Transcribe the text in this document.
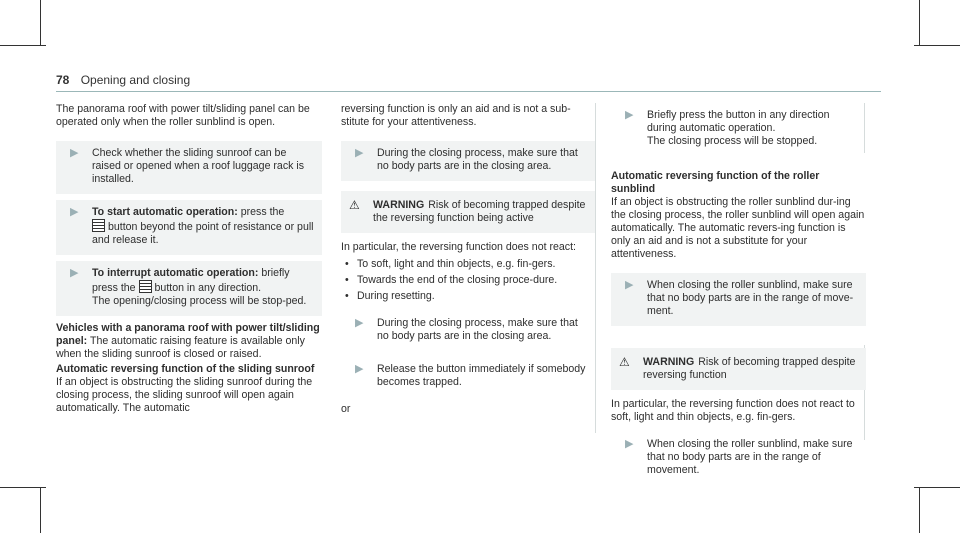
78 Opening and closing

The panorama roof with power tilt/sliding panel can be operated only when the roller sunblind is open.

▶	Check whether the sliding sunroof can be raised or opened when a roof luggage rack is installed.
▶	To start automatic operation: press the
button beyond the point of resistance or pull and release it.
▶	To interrupt automatic operation: briefly press the button in any direction.
The opening/closing process will be stop-ped.

Vehicles with a panorama roof with power tilt/sliding panel: The automatic raising feature is available only when the sliding sunroof is closed or raised.

Automatic reversing function of the sliding sunroof

If an object is obstructing the sliding sunroof during the closing process, the sliding sunroof will open again automatically. The automatic

reversing function is only an aid and is not a sub-stitute for your attentiveness.

▶	During the closing process, make sure that no body parts are in the closing area.
⚠	WARNING Risk of becoming trapped despite the reversing function being active
In particular, the reversing function does not react:
• To soft, light and thin objects, e.g. fin-gers.
• Towards the end of the closing proce-dure.
• During resetting.
▶	During the closing process, make sure that no body parts are in the closing area.
▶	Release the button immediately if somebody becomes trapped.
or
▶	Briefly press the button in any direction during automatic operation.
The closing process will be stopped.

Automatic reversing function of the roller sunblind

If an object is obstructing the roller sunblind dur-ing the closing process, the roller sunblind will open again automatically. The automatic revers-ing function is only an aid and is not a substitute for your attentiveness.

▶	When closing the roller sunblind, make sure that no body parts are in the range of move-ment.
⚠	WARNING Risk of becoming trapped despite reversing function
In particular, the reversing function does not react to soft, light and thin objects, e.g. fin-gers.
▶	When closing the roller sunblind, make sure that no body parts are in the range of movement.
